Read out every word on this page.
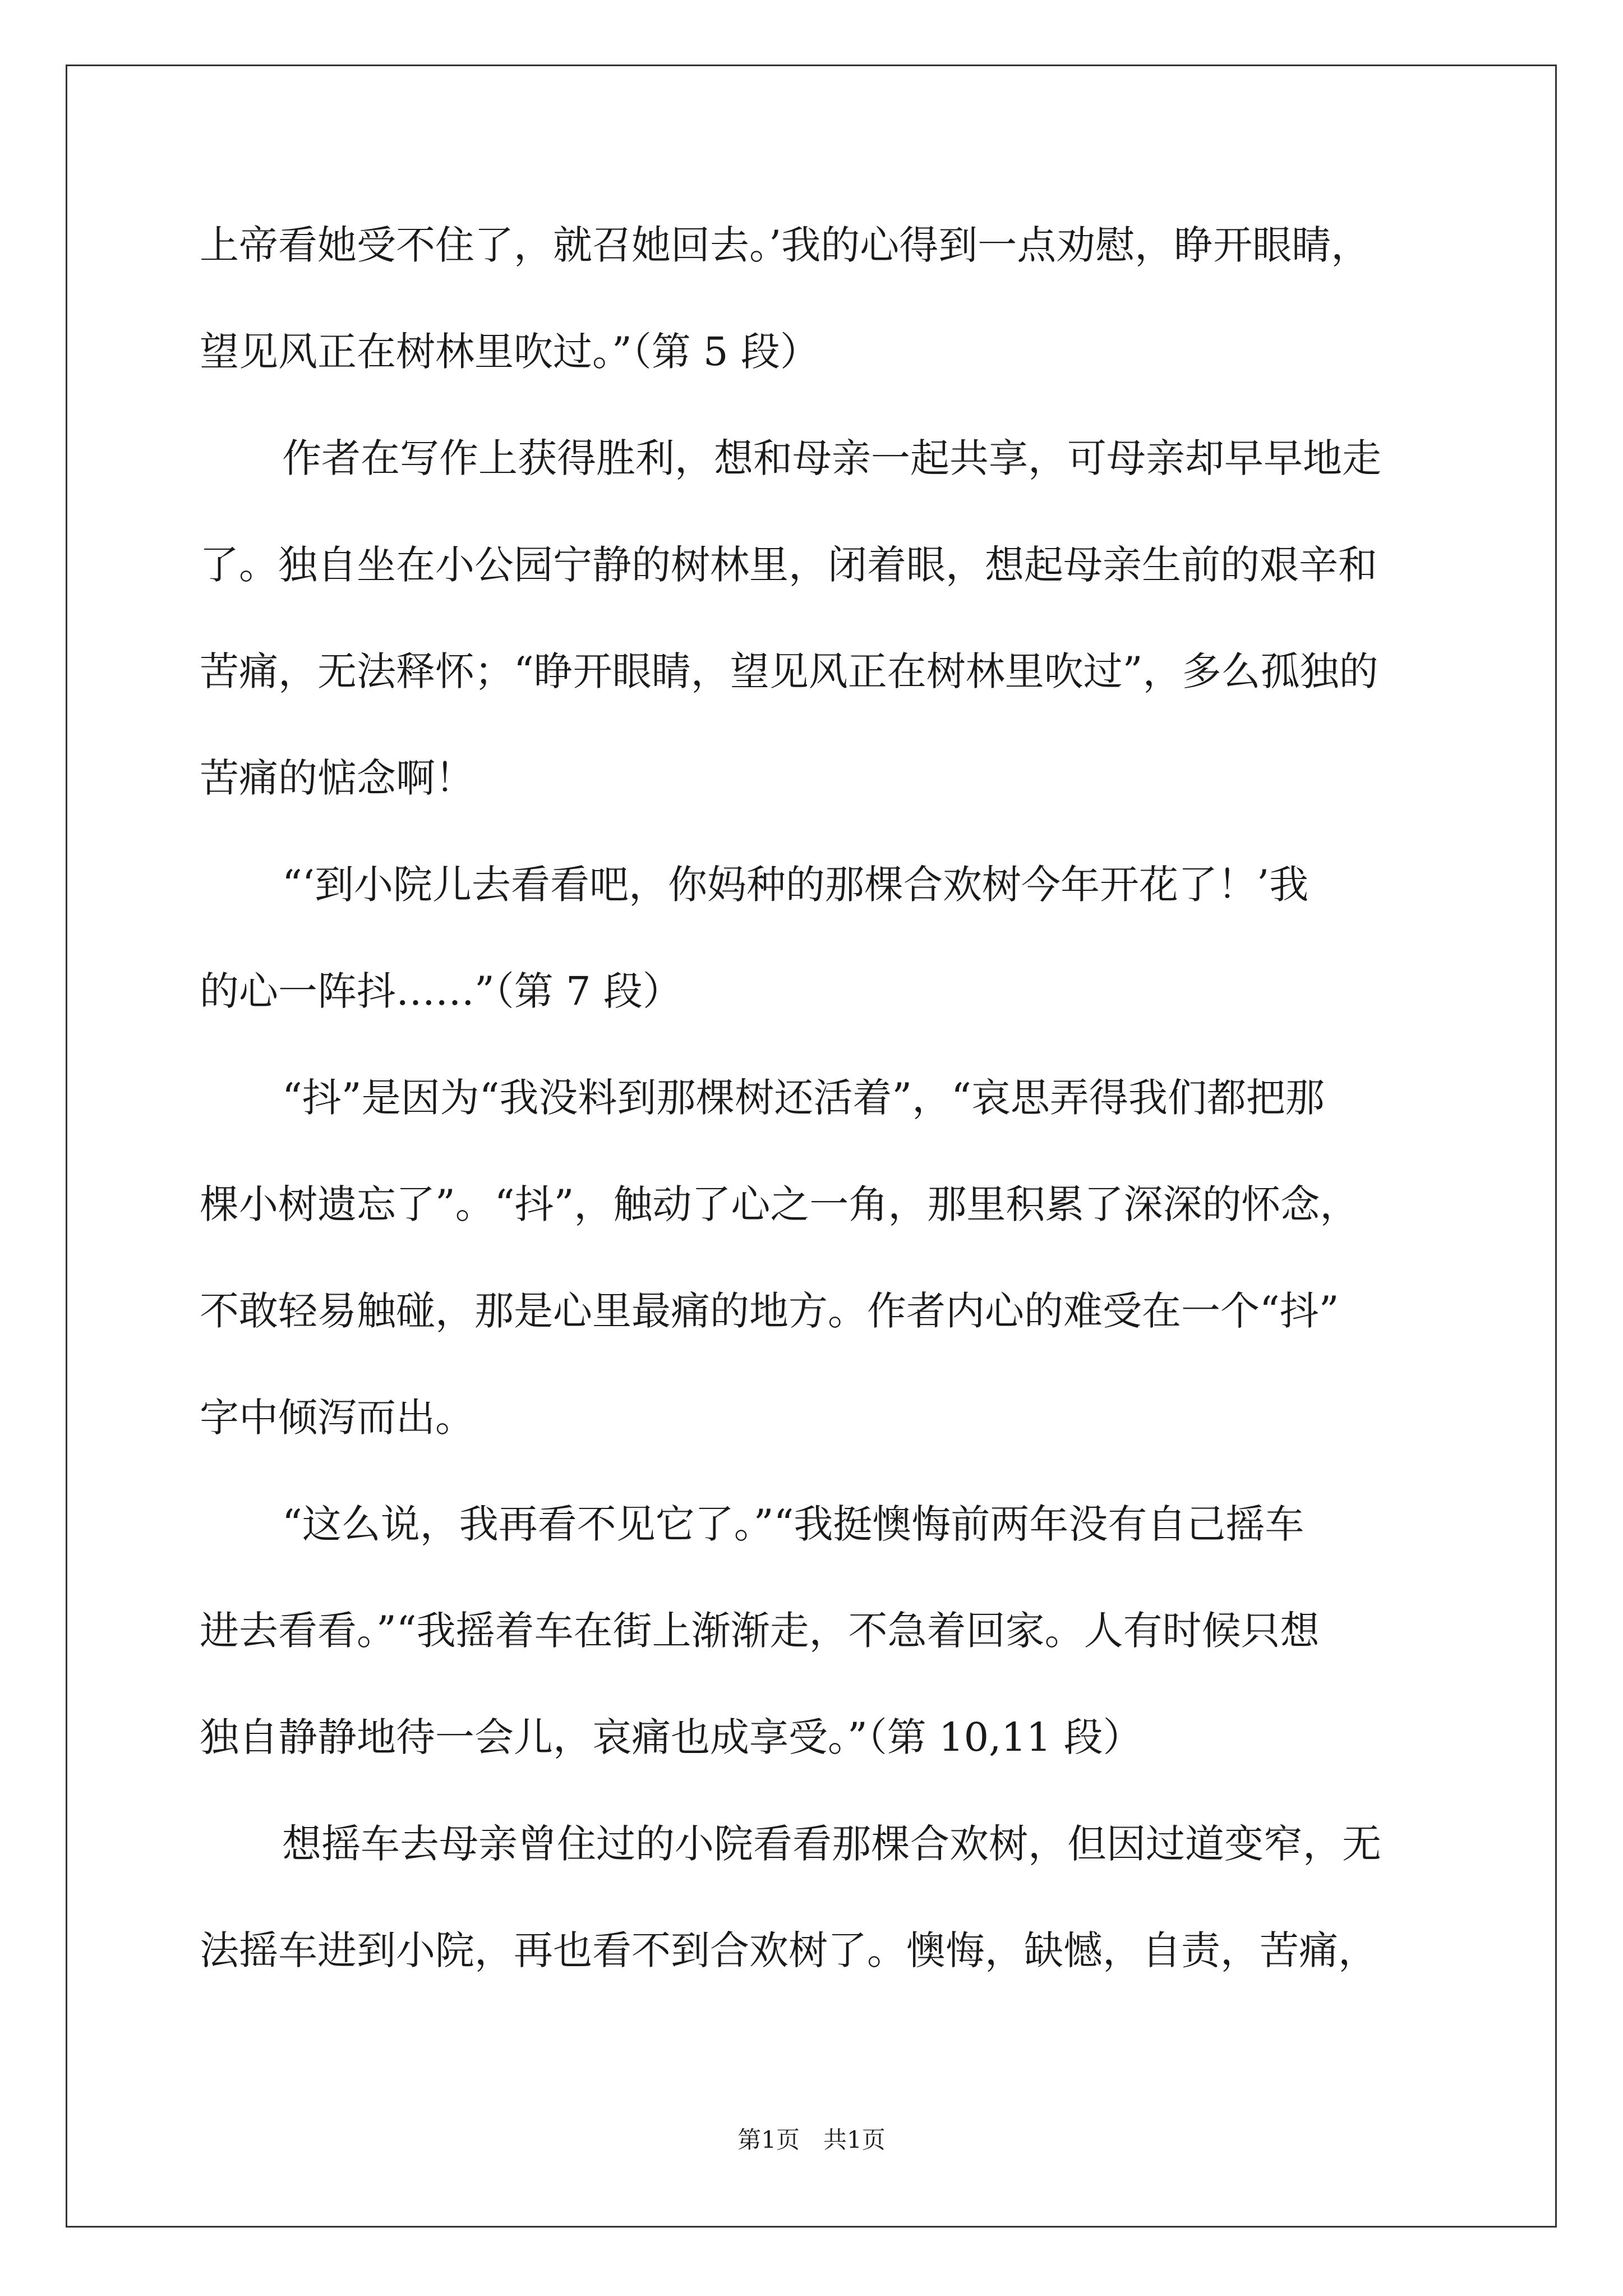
上帝看她受不住了，就召她回去。’我的心得到一点劝慰，睁开眼睛，
望见风正在树林里吹过。”（第 5 段）
作者在写作上获得胜利，想和母亲一起共享，可母亲却早早地走
了。独自坐在小公园宁静的树林里，闭着眼，想起母亲生前的艰辛和
苦痛，无法释怀；“睁开眼睛，望见风正在树林里吹过”，多么孤独的
苦痛的惦念啊！
“‘到小院儿去看看吧，你妈种的那棵合欢树今年开花了！’我
的心一阵抖……”（第 7 段）
“抖”是因为“我没料到那棵树还活着”，“哀思弄得我们都把那
棵小树遗忘了”。“抖”，触动了心之一角，那里积累了深深的怀念，
不敢轻易触碰，那是心里最痛的地方。作者内心的难受在一个“抖”
字中倾泻而出。
“这么说，我再看不见它了。”“我挺懊悔前两年没有自己摇车
进去看看。”“我摇着车在街上渐渐走，不急着回家。人有时候只想
独自静静地待一会儿，哀痛也成享受。”（第 10,11 段）
想摇车去母亲曾住过的小院看看那棵合欢树，但因过道变窄，无
法摇车进到小院，再也看不到合欢树了。懊悔，缺憾，自责，苦痛，
第1页　共1页
